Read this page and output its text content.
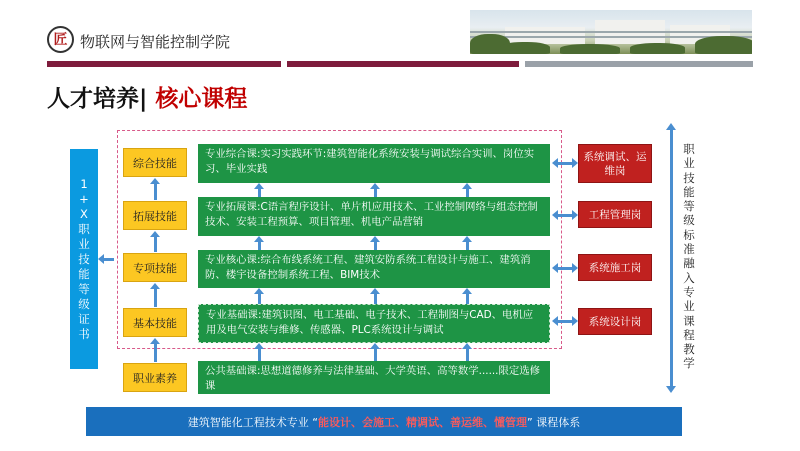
匠 物联网与智能控制学院
人才培养| 核心课程
1
+
X
职
业
技
能
等
级
证
书
综合技能
拓展技能
专项技能
基本技能
职业素养
专业综合课:实习实践环节:建筑智能化系统安装与调试综合实训、岗位实习、毕业实践
专业拓展课:C语言程序设计、单片机应用技术、工业控制网络与组态控制技术、安装工程预算、项目管理、机电产品营销
专业核心课:综合布线系统工程、建筑安防系统工程设计与施工、建筑消防、楼宇设备控制系统工程、BIM技术
专业基础课:建筑识图、电工基础、电子技术、工程制图与CAD、电机应用及电气安装与维修、传感器、PLC系统设计与调试
公共基础课:思想道德修养与法律基础、大学英语、高等数学......限定选修课
系统调试、运维岗
工程管理岗
系统施工岗
系统设计岗
职
业
技
能
等
级
标
准
融
入
专
业
课
程
教
学
建筑智能化工程技术专业 “ 能设计、 会施工、 精调试、 善运维、 懂管理 ” 课程体系
